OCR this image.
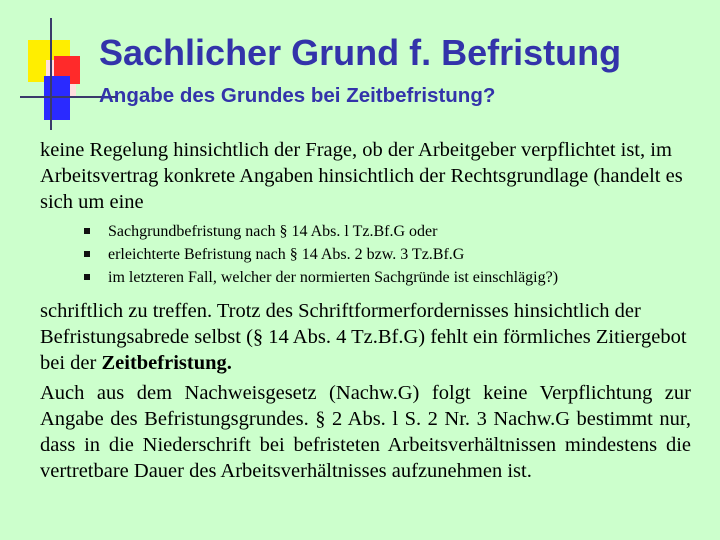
Sachlicher Grund f. Befristung
Angabe des Grundes bei Zeitbefristung?

keine Regelung hinsichtlich der Frage, ob der Arbeitgeber verpflichtet ist, im Arbeitsvertrag konkrete Angaben hinsichtlich der Rechtsgrundlage (handelt es sich um eine

Sachgrundbefristung nach § 14 Abs. l Tz.Bf.G oder
erleichterte Befristung nach § 14 Abs. 2 bzw. 3 Tz.Bf.G
im letzteren Fall, welcher der normierten Sachgründe ist einschlägig?)

schriftlich zu treffen. Trotz des Schriftformerfordernisses hinsichtlich der Befristungsabrede selbst (§ 14 Abs. 4 Tz.Bf.G) fehlt ein förmliches Zitiergebot bei der Zeitbefristung.

Auch aus dem Nachweisgesetz (Nachw.G) folgt keine Verpflichtung zur Angabe des Befristungsgrundes. § 2 Abs. l S. 2 Nr. 3 Nachw.G bestimmt nur, dass in die Niederschrift bei befristeten Arbeitsverhältnissen mindestens die vertretbare Dauer des Arbeitsverhältnisses aufzunehmen ist.
